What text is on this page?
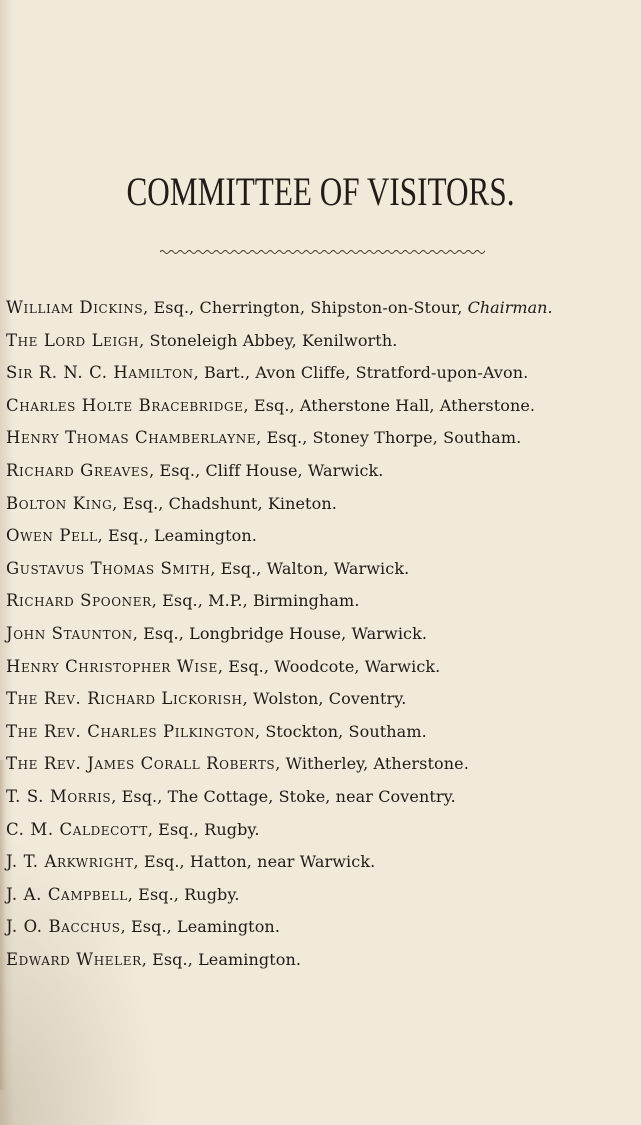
COMMITTEE OF VISITORS.
William Dickins, Esq., Cherrington, Shipston-on-Stour, Chairman.
The Lord Leigh, Stoneleigh Abbey, Kenilworth.
Sir R. N. C. Hamilton, Bart., Avon Cliffe, Stratford-upon-Avon.
Charles Holte Bracebridge, Esq., Atherstone Hall, Atherstone.
Henry Thomas Chamberlayne, Esq., Stoney Thorpe, Southam.
Richard Greaves, Esq., Cliff House, Warwick.
Bolton King, Esq., Chadshunt, Kineton.
Owen Pell, Esq., Leamington.
Gustavus Thomas Smith, Esq., Walton, Warwick.
Richard Spooner, Esq., M.P., Birmingham.
John Staunton, Esq., Longbridge House, Warwick.
Henry Christopher Wise, Esq., Woodcote, Warwick.
The Rev. Richard Lickorish, Wolston, Coventry.
The Rev. Charles Pilkington, Stockton, Southam.
The Rev. James Corall Roberts, Witherley, Atherstone.
T. S. Morris, Esq., The Cottage, Stoke, near Coventry.
C. M. Caldecott, Esq., Rugby.
J. T. Arkwright, Esq., Hatton, near Warwick.
J. A. Campbell, Esq., Rugby.
J. O. Bacchus, Esq., Leamington.
Edward Wheler, Esq., Leamington.
